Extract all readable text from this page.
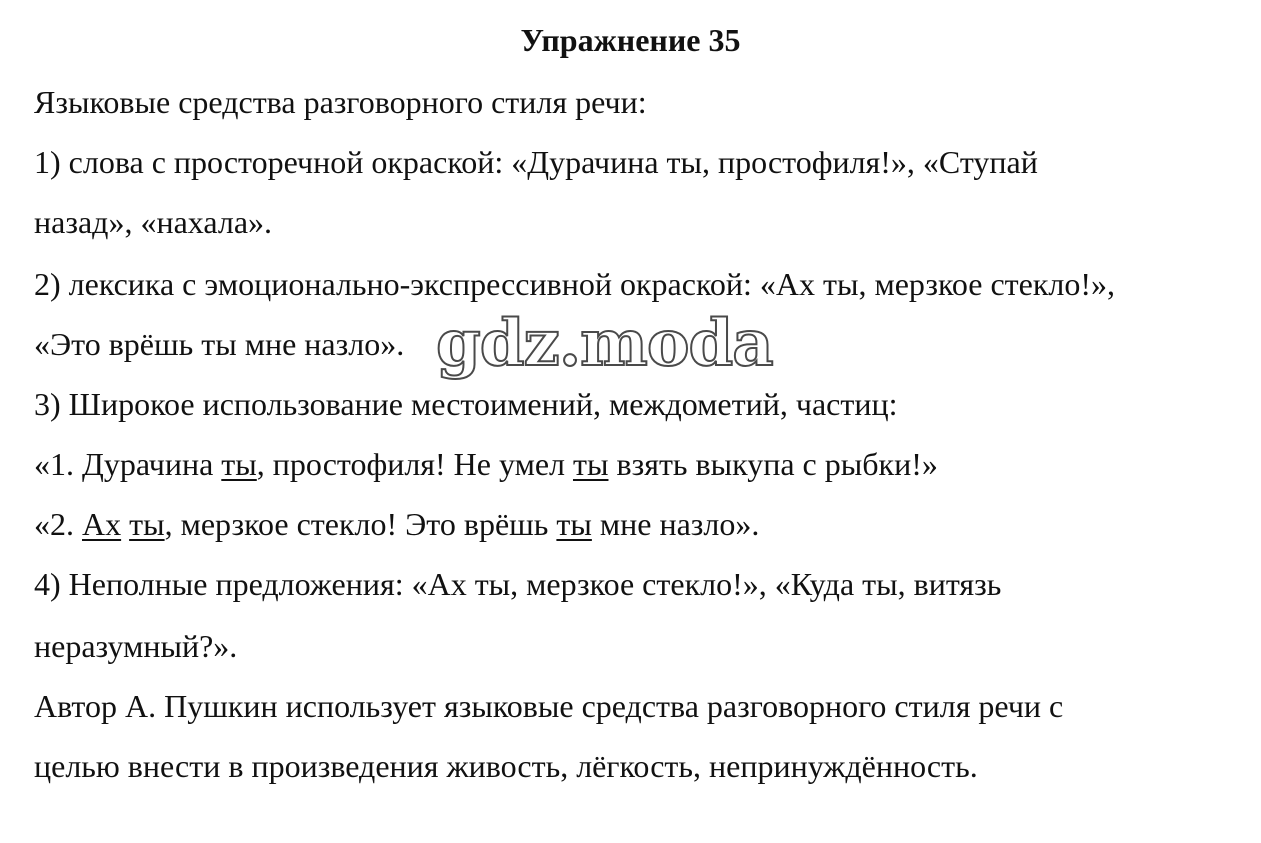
Упражнение 35
Языковые средства разговорного стиля речи:
1) слова с просторечной окраской: «Дурачина ты, простофиля!», «Ступай
назад», «нахала».
2) лексика с эмоционально-экспрессивной окраской: «Ах ты, мерзкое стекло!»,
«Это врёшь ты мне назло».
3) Широкое использование местоимений, междометий, частиц:
«1. Дурачина ты, простофиля! Не умел ты взять выкупа с рыбки!»
«2. Ах ты, мерзкое стекло! Это врёшь ты мне назло».
4) Неполные предложения: «Ах ты, мерзкое стекло!», «Куда ты, витязь
неразумный?».
Автор А. Пушкин использует языковые средства разговорного стиля речи с
целью внести в произведения живость, лёгкость, непринуждённость.
gdz.moda
